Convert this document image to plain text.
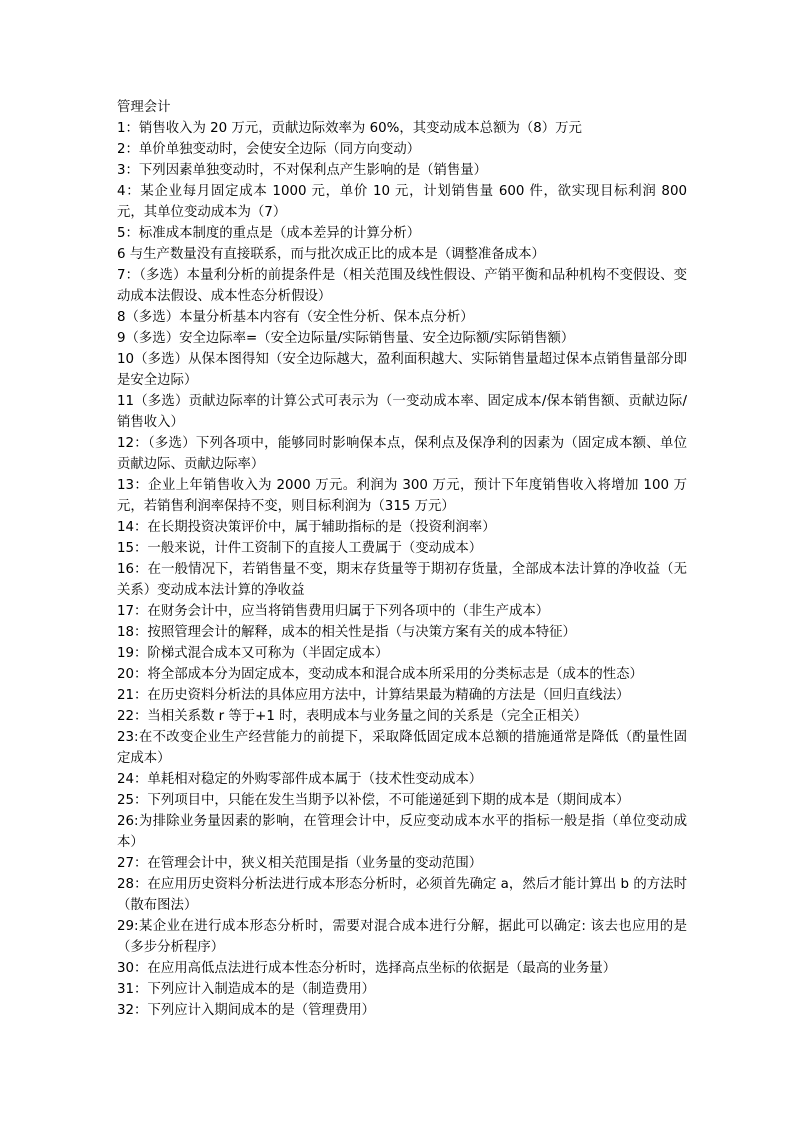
管理会计

1：销售收入为 20 万元，贡献边际效率为 60%，其变动成本总额为（8）万元

2：单价单独变动时，会使安全边际（同方向变动）

3：下列因素单独变动时，不对保利点产生影响的是（销售量）

4：某企业每月固定成本 1000 元，单价 10 元，计划销售量 600 件，欲实现目标利润 800 元，其单位变动成本为（7）

5：标准成本制度的重点是（成本差异的计算分析）

6 与生产数量没有直接联系，而与批次成正比的成本是（调整准备成本）

7：（多选）本量利分析的前提条件是（相关范围及线性假设、产销平衡和品种机构不变假设、变动成本法假设、成本性态分析假设）

8（多选）本量分析基本内容有（安全性分析、保本点分析）

9（多选）安全边际率=（安全边际量/实际销售量、安全边际额/实际销售额）

10（多选）从保本图得知（安全边际越大，盈利面积越大、实际销售量超过保本点销售量部分即是安全边际）

11（多选）贡献边际率的计算公式可表示为（一变动成本率、固定成本/保本销售额、贡献边际/销售收入）

12：（多选）下列各项中，能够同时影响保本点，保利点及保净利的因素为（固定成本额、单位贡献边际、贡献边际率）

13：企业上年销售收入为 2000 万元。利润为 300 万元，预计下年度销售收入将增加 100 万元，若销售利润率保持不变，则目标利润为（315 万元）

14：在长期投资决策评价中，属于辅助指标的是（投资利润率）

15：一般来说，计件工资制下的直接人工费属于（变动成本）

16：在一般情况下，若销售量不变，期末存货量等于期初存货量，全部成本法计算的净收益（无关系）变动成本法计算的净收益

17：在财务会计中，应当将销售费用归属于下列各项中的（非生产成本）

18：按照管理会计的解释，成本的相关性是指（与决策方案有关的成本特征）

19：阶梯式混合成本又可称为（半固定成本）

20：将全部成本分为固定成本，变动成本和混合成本所采用的分类标志是（成本的性态）

21：在历史资料分析法的具体应用方法中，计算结果最为精确的方法是（回归直线法）

22：当相关系数 r 等于+1 时，表明成本与业务量之间的关系是（完全正相关）

23:在不改变企业生产经营能力的前提下，采取降低固定成本总额的措施通常是降低（酌量性固定成本）

24：单耗相对稳定的外购零部件成本属于（技术性变动成本）

25：下列项目中，只能在发生当期予以补偿，不可能递延到下期的成本是（期间成本）

26:为排除业务量因素的影响，在管理会计中，反应变动成本水平的指标一般是指（单位变动成本）

27：在管理会计中，狭义相关范围是指（业务量的变动范围）

28：在应用历史资料分析法进行成本形态分析时，必须首先确定 a，然后才能计算出 b 的方法时（散布图法）

29:某企业在进行成本形态分析时，需要对混合成本进行分解，据此可以确定: 该去也应用的是（多步分析程序）

30：在应用高低点法进行成本性态分析时，选择高点坐标的依据是（最高的业务量）

31：下列应计入制造成本的是（制造费用）

32：下列应计入期间成本的是（管理费用）
